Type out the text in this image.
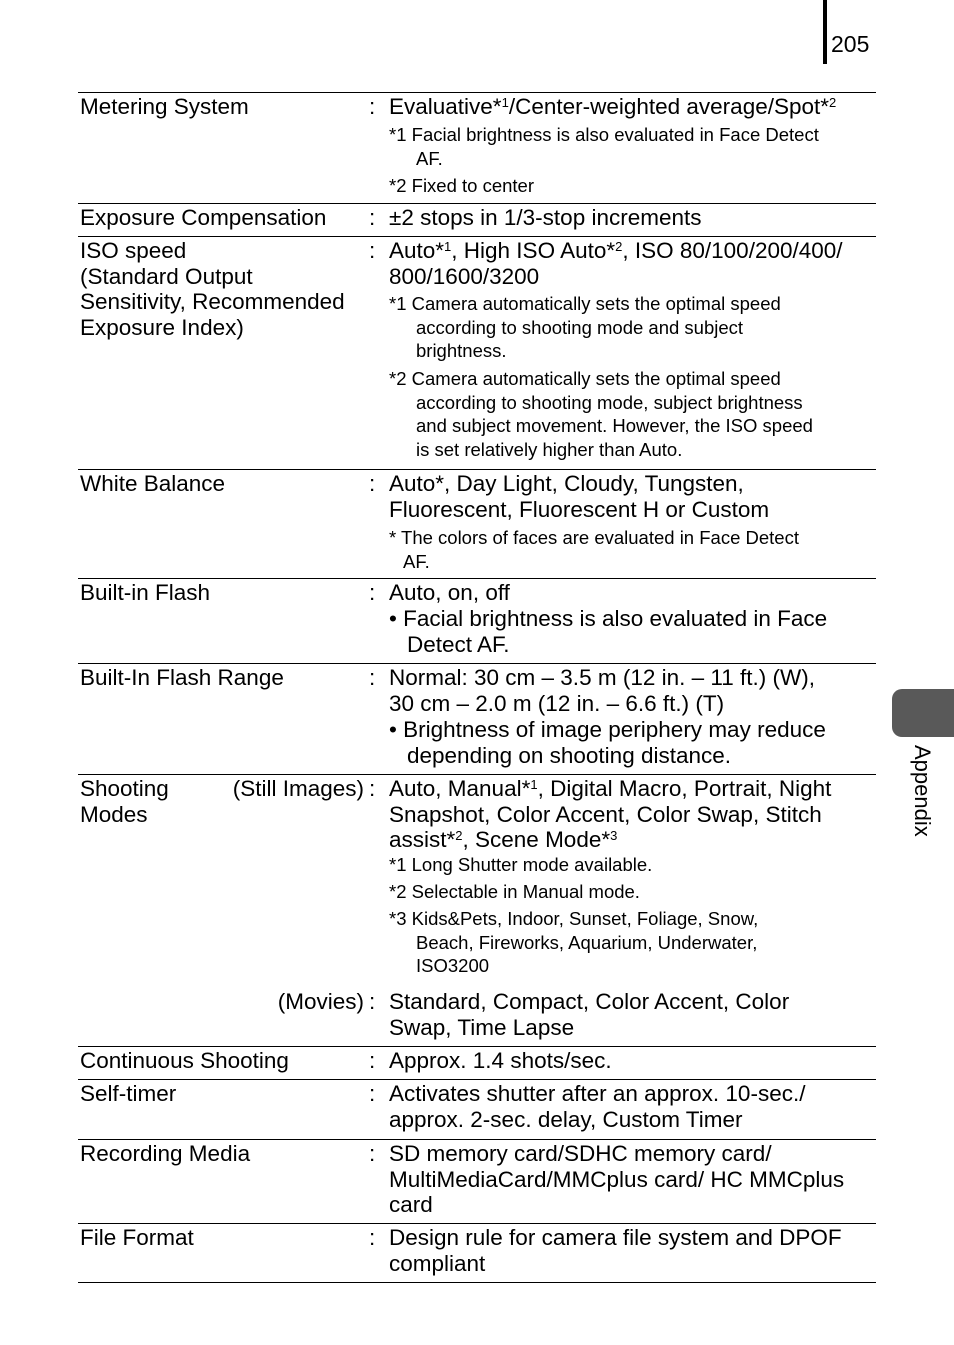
205
Appendix
Metering System	: Evaluative*$^1$/Center-weighted average/Spot*$^2$
*1 Facial brightness is also evaluated in Face Detect
AF.
*2 Fixed to center
Exposure Compensation : ±2 stops in 1/3-stop increments
ISO speed
(Standard Output
Sensitivity, Recommended
Exposure Index)
: Auto*$^1$, High ISO Auto*$^2$, ISO 80/100/200/400/
800/1600/3200
*1 Camera automatically sets the optimal speed
according to shooting mode and subject
brightness.
*2 Camera automatically sets the optimal speed
according to shooting mode, subject brightness
and subject movement. However, the ISO speed
is set relatively higher than Auto.
White Balance	: Auto*, Day Light, Cloudy, Tungsten,
Fluorescent, Fluorescent H or Custom
* The colors of faces are evaluated in Face Detect
AF.
Built-in Flash	: Auto, on, off
• Facial brightness is also evaluated in Face
Detect AF.
Built-In Flash Range	: Normal: 30 cm – 3.5 m (12 in. – 11 ft.) (W),
30 cm – 2.0 m (12 in. – 6.6 ft.) (T)
• Brightness of image periphery may reduce
depending on shooting distance.
Shooting
Modes
(Still Images) : Auto, Manual*$^1$, Digital Macro, Portrait, Night
Snapshot, Color Accent, Color Swap, Stitch
assist*$^2$, Scene Mode*$^3$
*1 Long Shutter mode available.
*2 Selectable in Manual mode.
*3 Kids&Pets, Indoor, Sunset, Foliage, Snow,
Beach, Fireworks, Aquarium, Underwater,
ISO3200
(Movies) : Standard, Compact, Color Accent, Color
Swap, Time Lapse
Continuous Shooting	: Approx. 1.4 shots/sec.
Self-timer	: Activates shutter after an approx. 10-sec./
approx. 2-sec. delay, Custom Timer
Recording Media	: SD memory card/SDHC memory card/
MultiMediaCard/MMCplus card/ HC MMCplus
card
File Format	: Design rule for camera file system and DPOF
compliant
